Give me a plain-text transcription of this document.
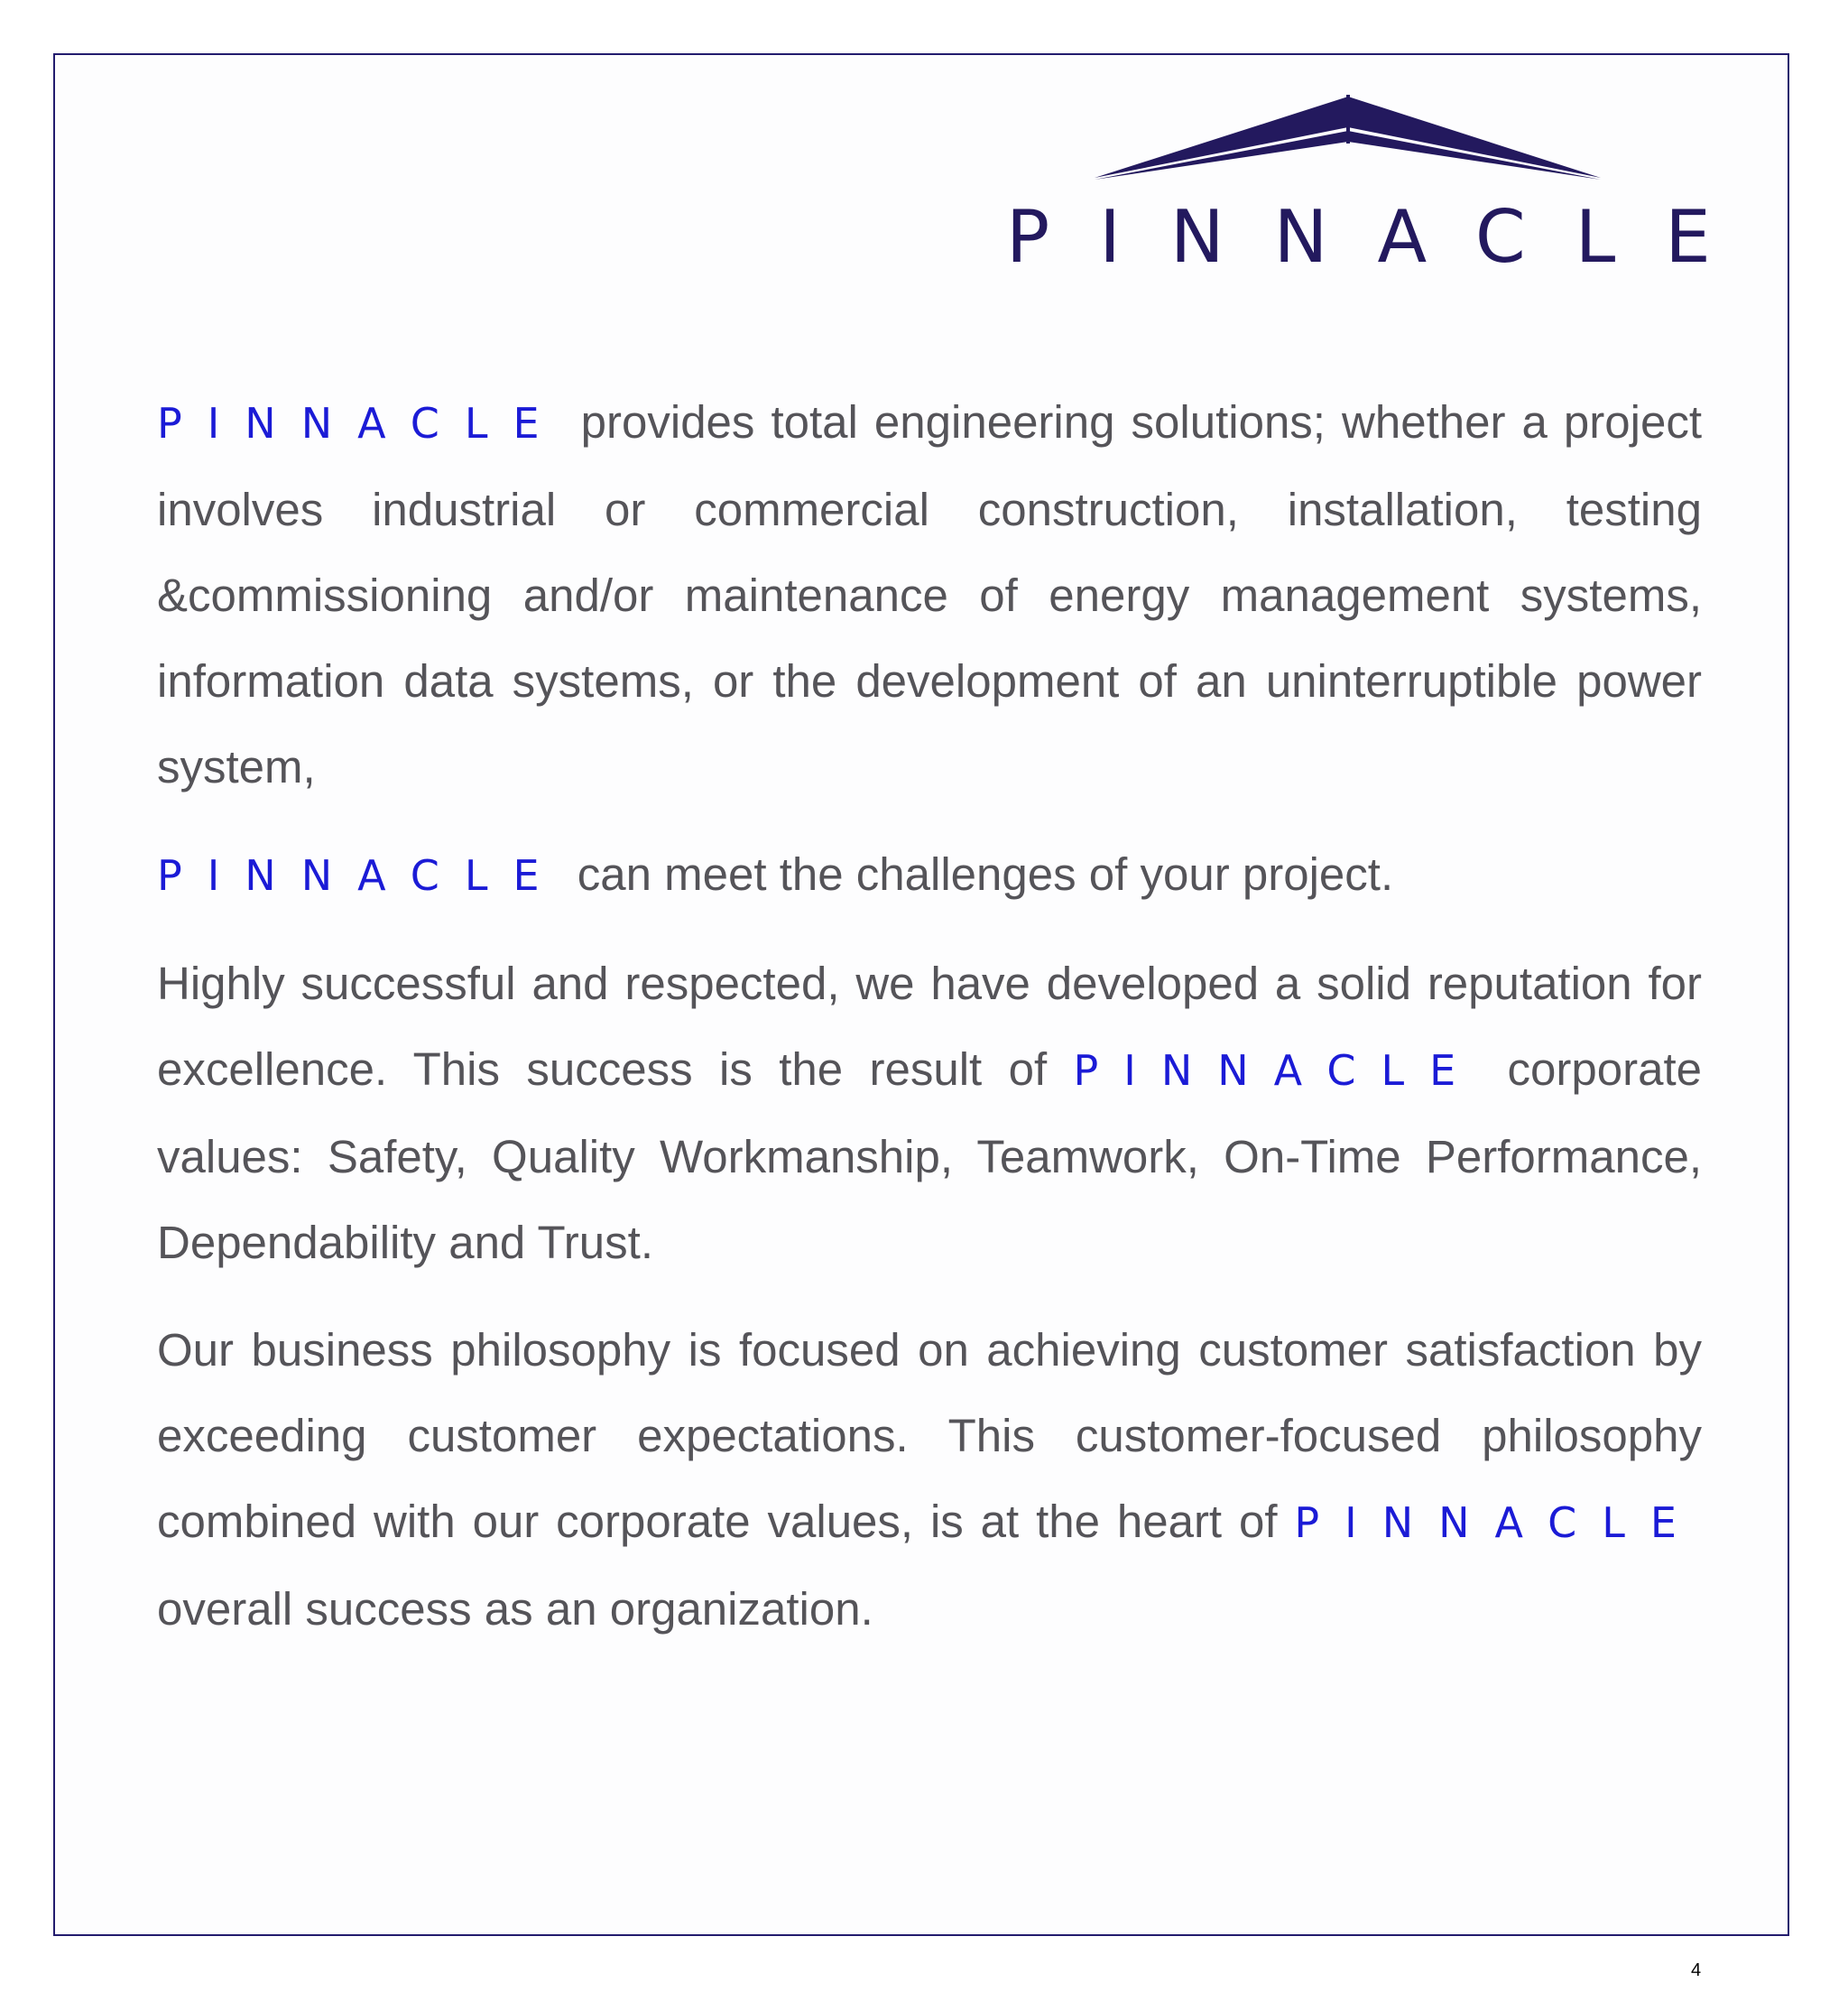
PINNACLE

PINNACLE provides total engineering solutions; whether a project involves industrial or commercial construction, installation, testing &commissioning and/or maintenance of energy management systems, information data systems, or the development of an uninterruptible power system,

PINNACLE can meet the challenges of your project.

Highly successful and respected, we have developed a solid reputation for excellence. This success is the result of PINNACLE corporate values: Safety, Quality Workmanship, Teamwork, On-Time Performance, Dependability and Trust.

Our business philosophy is focused on achieving customer satisfaction by exceeding customer expectations. This customer-focused philosophy combined with our corporate values, is at the heart of PINNACLE overall success as an organization.

4
